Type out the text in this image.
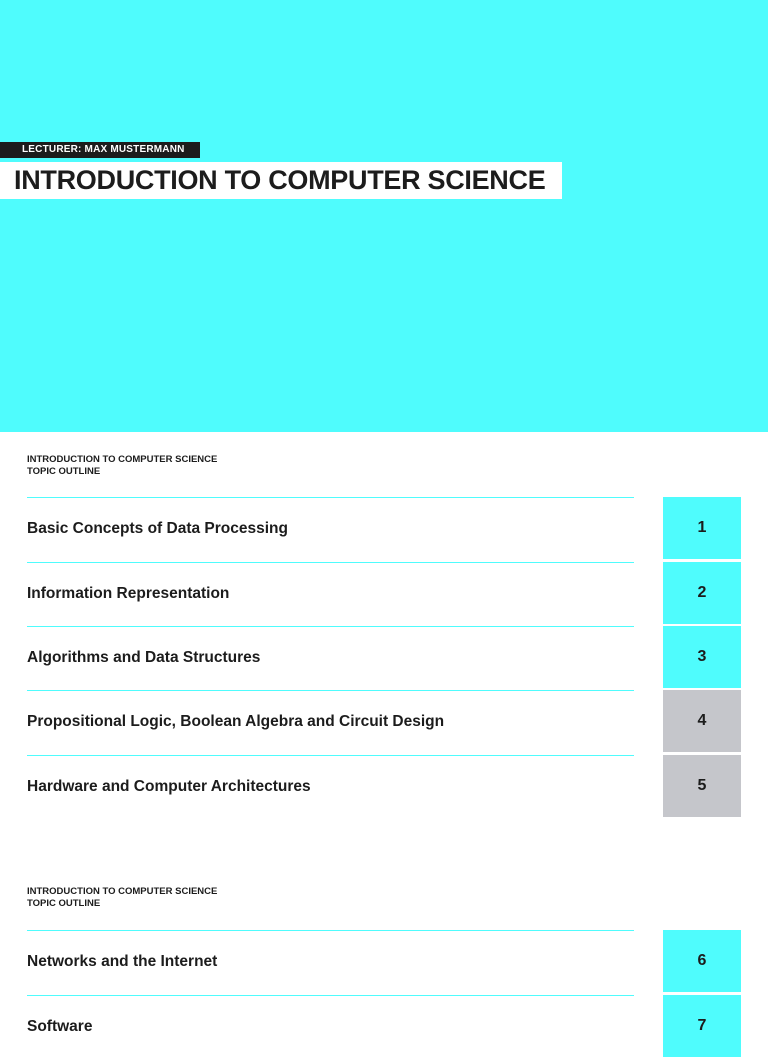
LECTURER: MAX MUSTERMANN
INTRODUCTION TO COMPUTER SCIENCE
INTRODUCTION TO COMPUTER SCIENCE
TOPIC OUTLINE
Basic Concepts of Data Processing	1
Information Representation	2
Algorithms and Data Structures	3
Propositional Logic, Boolean Algebra and Circuit Design	4
Hardware and Computer Architectures	5
INTRODUCTION TO COMPUTER SCIENCE
TOPIC OUTLINE
Networks and the Internet	6
Software	7
